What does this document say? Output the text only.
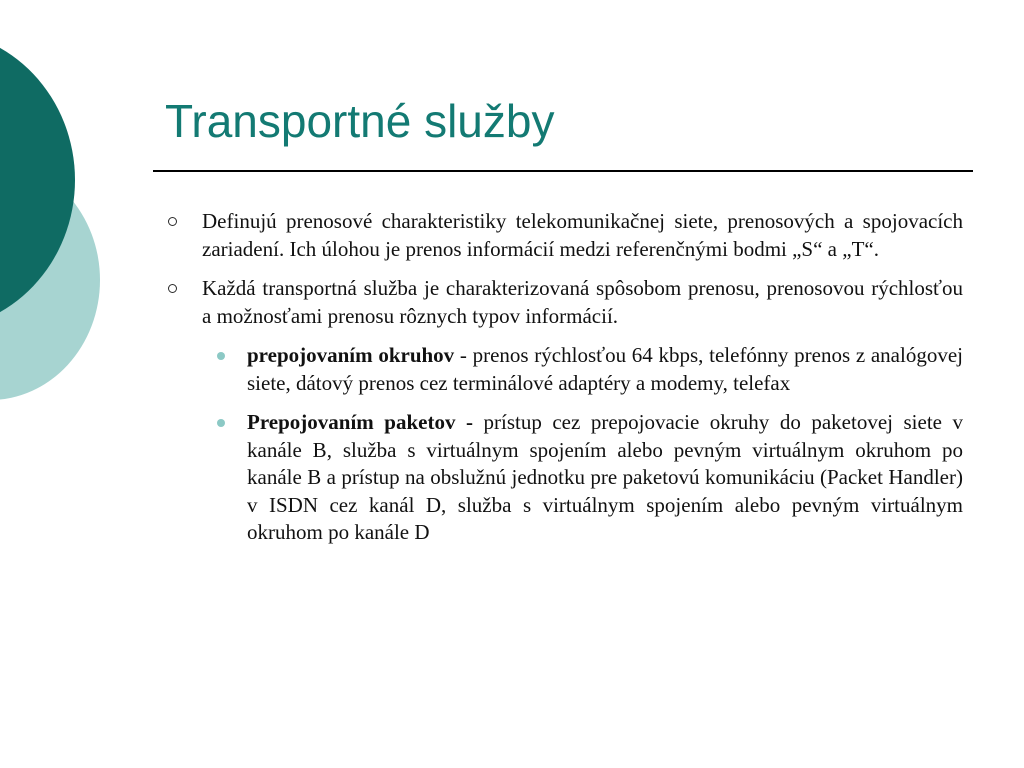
Transportné služby
Definujú prenosové charakteristiky telekomunikačnej siete, prenosových a spojovacích zariadení. Ich úlohou je prenos informácií medzi referenčnými bodmi „S“ a „T“.
Každá transportná služba je charakterizovaná spôsobom prenosu, prenosovou rýchlosťou a možnosťami prenosu rôznych typov informácií.
prepojovaním okruhov - prenos rýchlosťou 64 kbps, telefónny prenos z analógovej siete, dátový prenos cez terminálové adaptéry a modemy, telefax
Prepojovaním paketov - prístup cez prepojovacie okruhy do paketovej siete v kanále B, služba s virtuálnym spojením alebo pevným virtuálnym okruhom po kanále B a prístup na obslužnú jednotku pre paketovú komunikáciu (Packet Handler) v ISDN cez kanál D, služba s virtuálnym spojením alebo pevným virtuálnym okruhom po kanále D
